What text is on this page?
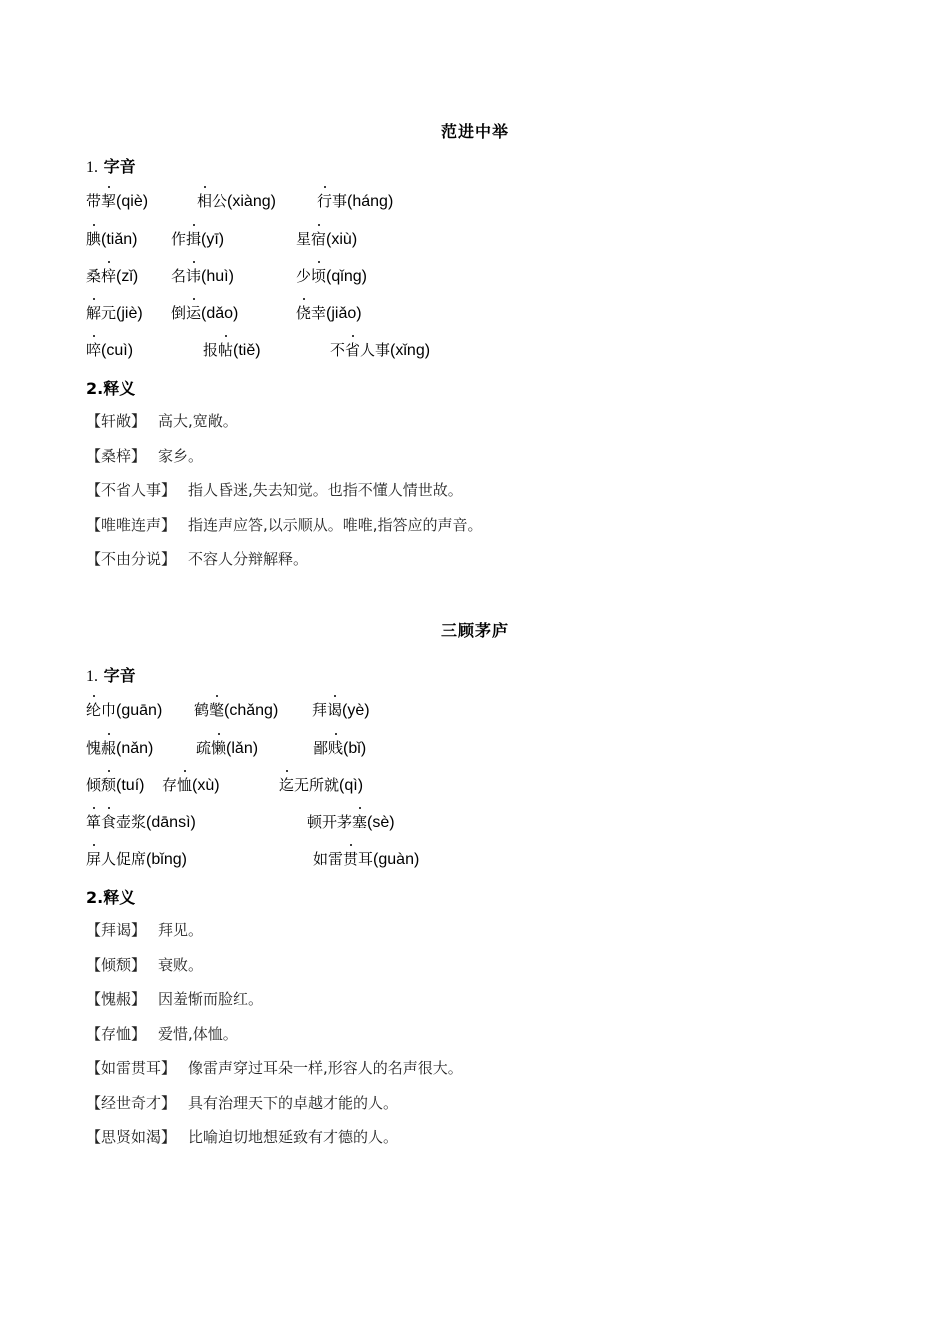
范进中举
1. 字音
带挈(qiè)	相公(xiàng)	行事(háng)
腆(tiǎn) 作揖(yī)	星宿(xiù)
桑梓(zǐ) 名讳(huì)	少顷(qǐng)
解元(jiè) 倒运(dǎo)	侥幸(jiǎo)
啐(cuì)	报帖(tiě)	不省人事(xǐng)
2.释义
【轩敞】 高大,宽敞。
【桑梓】 家乡。
【不省人事】 指人昏迷,失去知觉。也指不懂人情世故。
【唯唯连声】 指连声应答,以示顺从。唯唯,指答应的声音。
【不由分说】 不容人分辩解释。
三顾茅庐
1. 字音
纶巾(guān) 鹤氅(chǎng) 拜谒(yè)
愧赧(nǎn)	疏懒(lǎn)	鄙贱(bǐ)
倾颓(tuí) 存恤(xù)	迄无所就(qì)
箪食壶浆(dānsì)	顿开茅塞(sè)
屏人促席(bǐng)	如雷贯耳(guàn)
2.释义
【拜谒】 拜见。
【倾颓】 衰败。
【愧赧】 因羞惭而脸红。
【存恤】 爱惜,体恤。
【如雷贯耳】 像雷声穿过耳朵一样,形容人的名声很大。
【经世奇才】 具有治理天下的卓越才能的人。
【思贤如渴】 比喻迫切地想延致有才德的人。
